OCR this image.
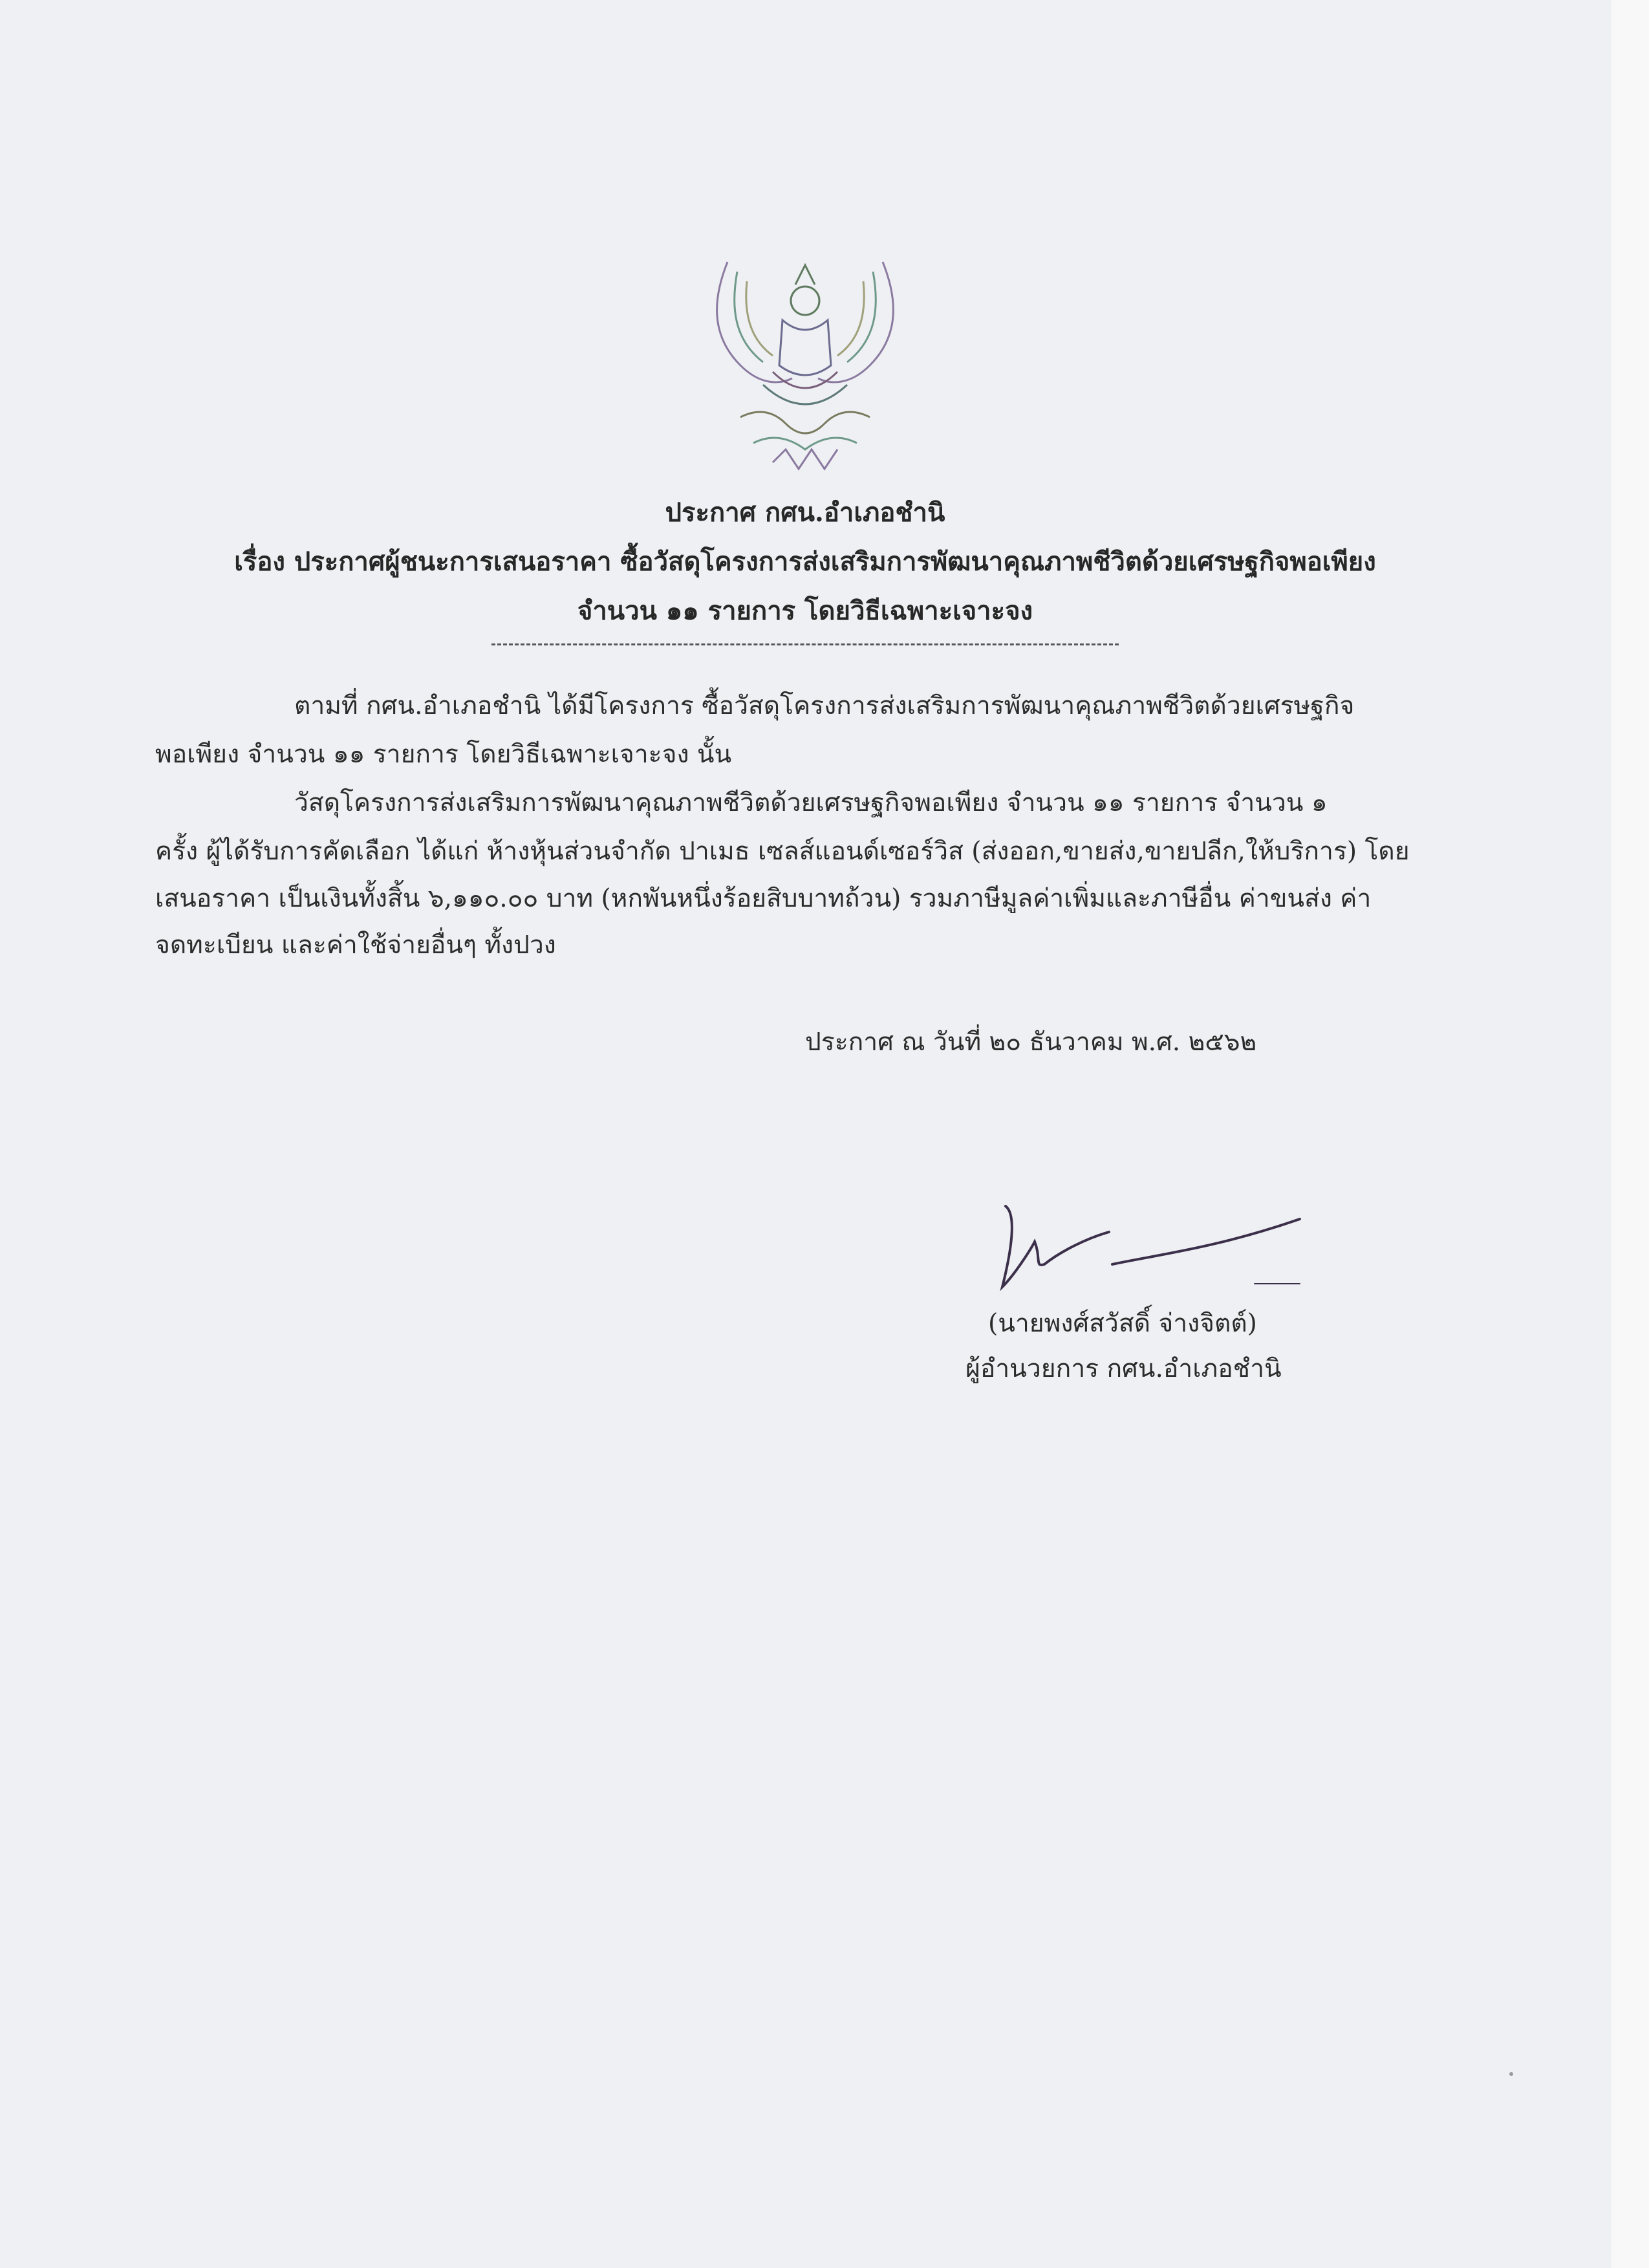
ประกาศ กศน.อำเภอชำนิ
เรื่อง ประกาศผู้ชนะการเสนอราคา ซื้อวัสดุโครงการส่งเสริมการพัฒนาคุณภาพชีวิตด้วยเศรษฐกิจพอเพียง
จำนวน ๑๑ รายการ โดยวิธีเฉพาะเจาะจง
ตามที่ กศน.อำเภอชำนิ ได้มีโครงการ ซื้อวัสดุโครงการส่งเสริมการพัฒนาคุณภาพชีวิตด้วยเศรษฐกิจ
พอเพียง จำนวน ๑๑ รายการ โดยวิธีเฉพาะเจาะจง นั้น
วัสดุโครงการส่งเสริมการพัฒนาคุณภาพชีวิตด้วยเศรษฐกิจพอเพียง จำนวน ๑๑ รายการ จำนวน ๑
ครั้ง ผู้ได้รับการคัดเลือก ได้แก่ ห้างหุ้นส่วนจำกัด ปาเมธ เซลส์แอนด์เซอร์วิส (ส่งออก,ขายส่ง,ขายปลีก,ให้บริการ) โดย
เสนอราคา เป็นเงินทั้งสิ้น ๖,๑๑๐.๐๐ บาท (หกพันหนึ่งร้อยสิบบาทถ้วน) รวมภาษีมูลค่าเพิ่มและภาษีอื่น ค่าขนส่ง ค่า
จดทะเบียน และค่าใช้จ่ายอื่นๆ ทั้งปวง
ประกาศ ณ วันที่ ๒๐ ธันวาคม พ.ศ. ๒๕๖๒
(นายพงศ์สวัสดิ์ จ่างจิตต์)
ผู้อำนวยการ กศน.อำเภอชำนิ
